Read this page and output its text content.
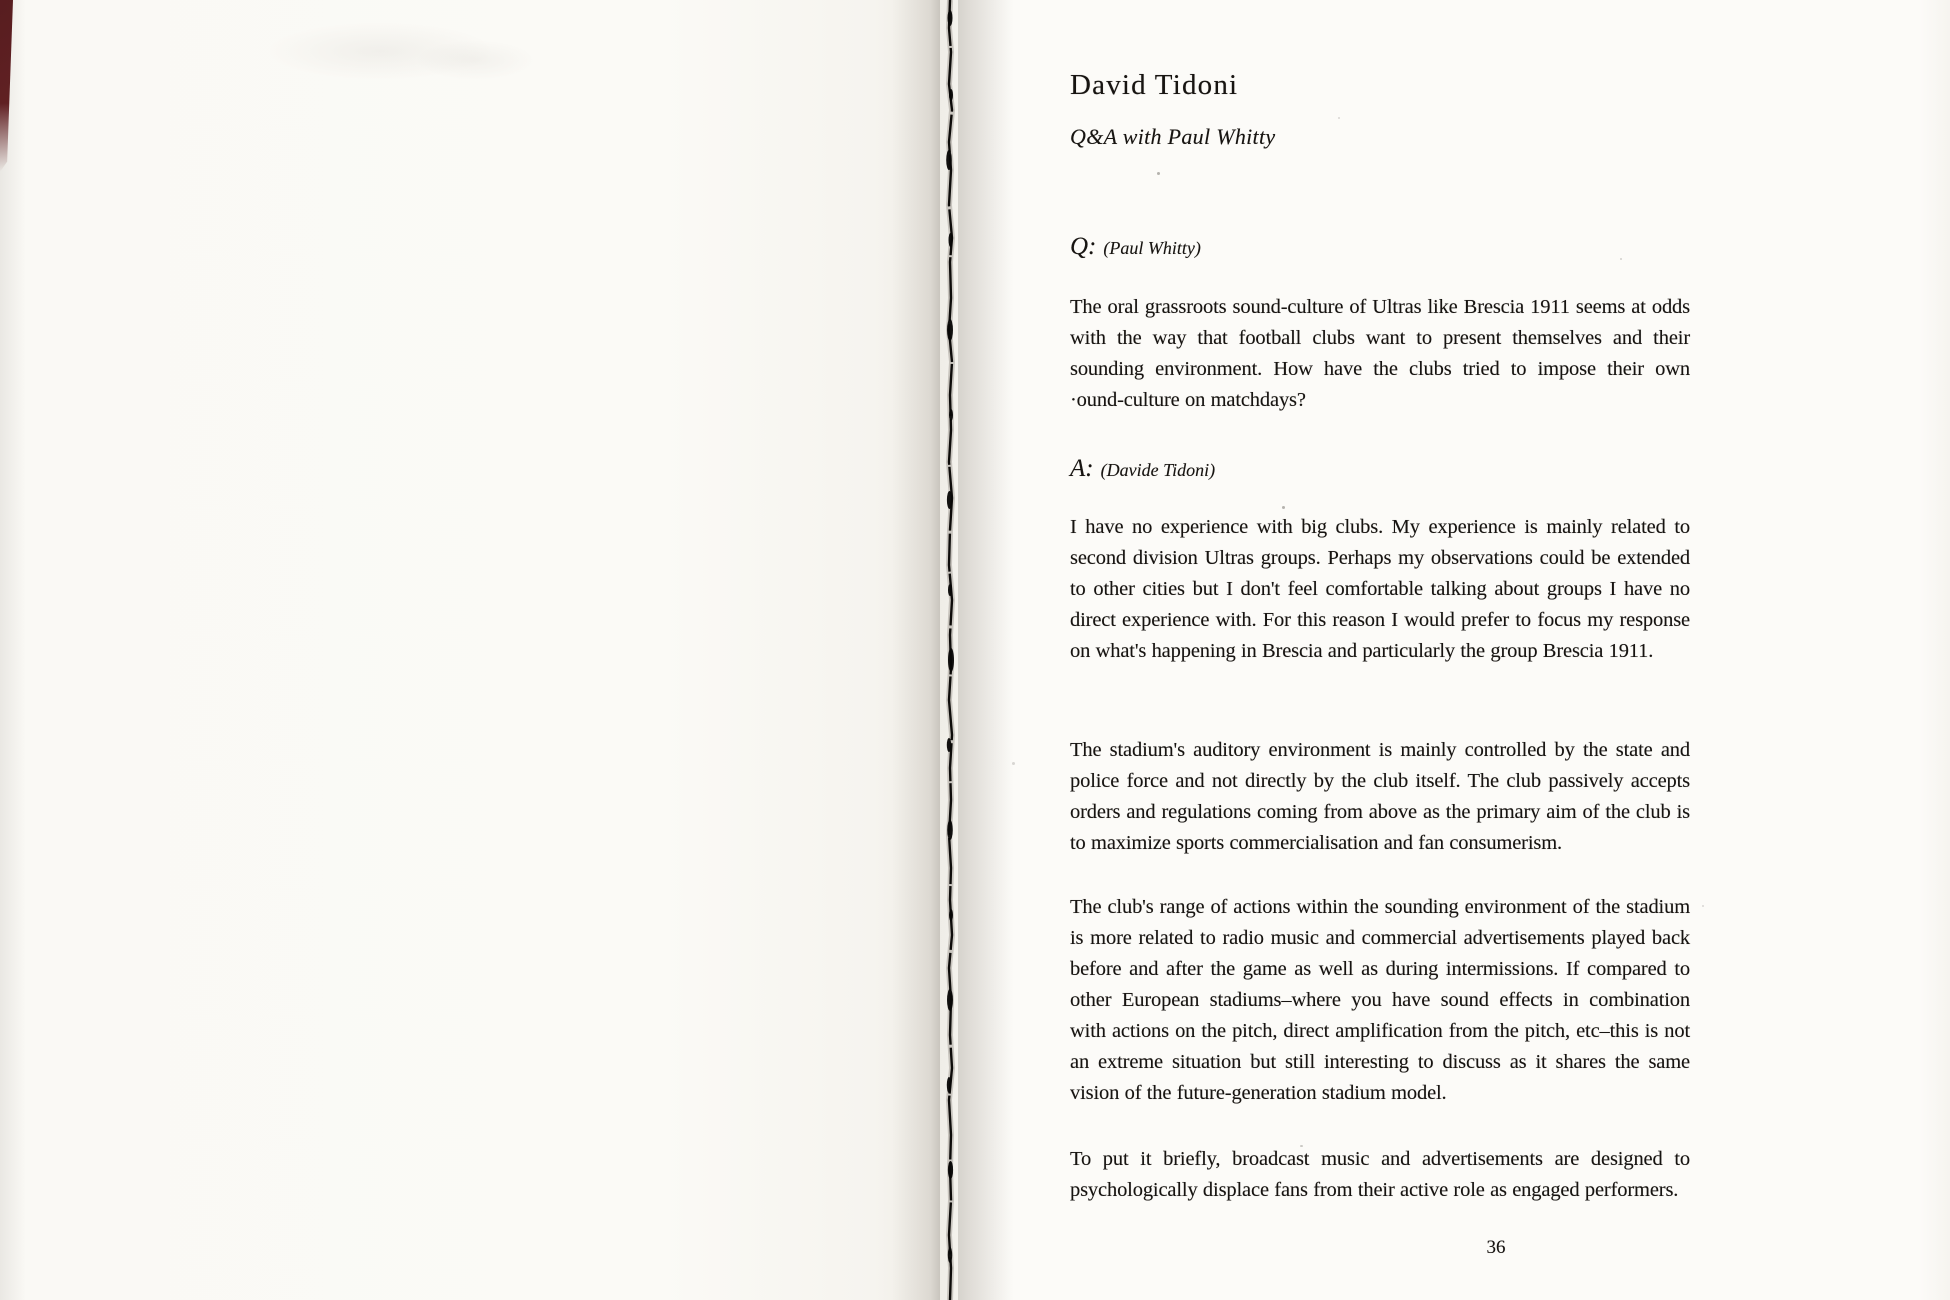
David Tidoni
Q&A with Paul Whitty
Q: (Paul Whitty)

The oral grassroots sound-culture of Ultras like Brescia 1911 seems at odds with the way that football clubs want to present themselves and their sounding environment. How have the clubs tried to impose their own ·ound-culture on matchdays?

A: (Davide Tidoni)

I have no experience with big clubs. My experience is mainly related to second division Ultras groups. Perhaps my observations could be extended to other cities but I don't feel comfortable talking about groups I have no direct experience with. For this reason I would prefer to focus my response on what's happening in Brescia and particularly the group Brescia 1911.

The stadium's auditory environment is mainly controlled by the state and police force and not directly by the club itself. The club passively accepts orders and regulations coming from above as the primary aim of the club is to maximize sports commercialisation and fan consumerism.

The club's range of actions within the sounding environment of the stadium is more related to radio music and commercial advertisements played back before and after the game as well as during intermissions. If compared to other European stadiums–where you have sound effects in combination with actions on the pitch, direct amplification from the pitch, etc–this is not an extreme situation but still interesting to discuss as it shares the same vision of the future-generation stadium model.

To put it briefly, broadcast music and advertisements are designed to psychologically displace fans from their active role as engaged performers.

36
